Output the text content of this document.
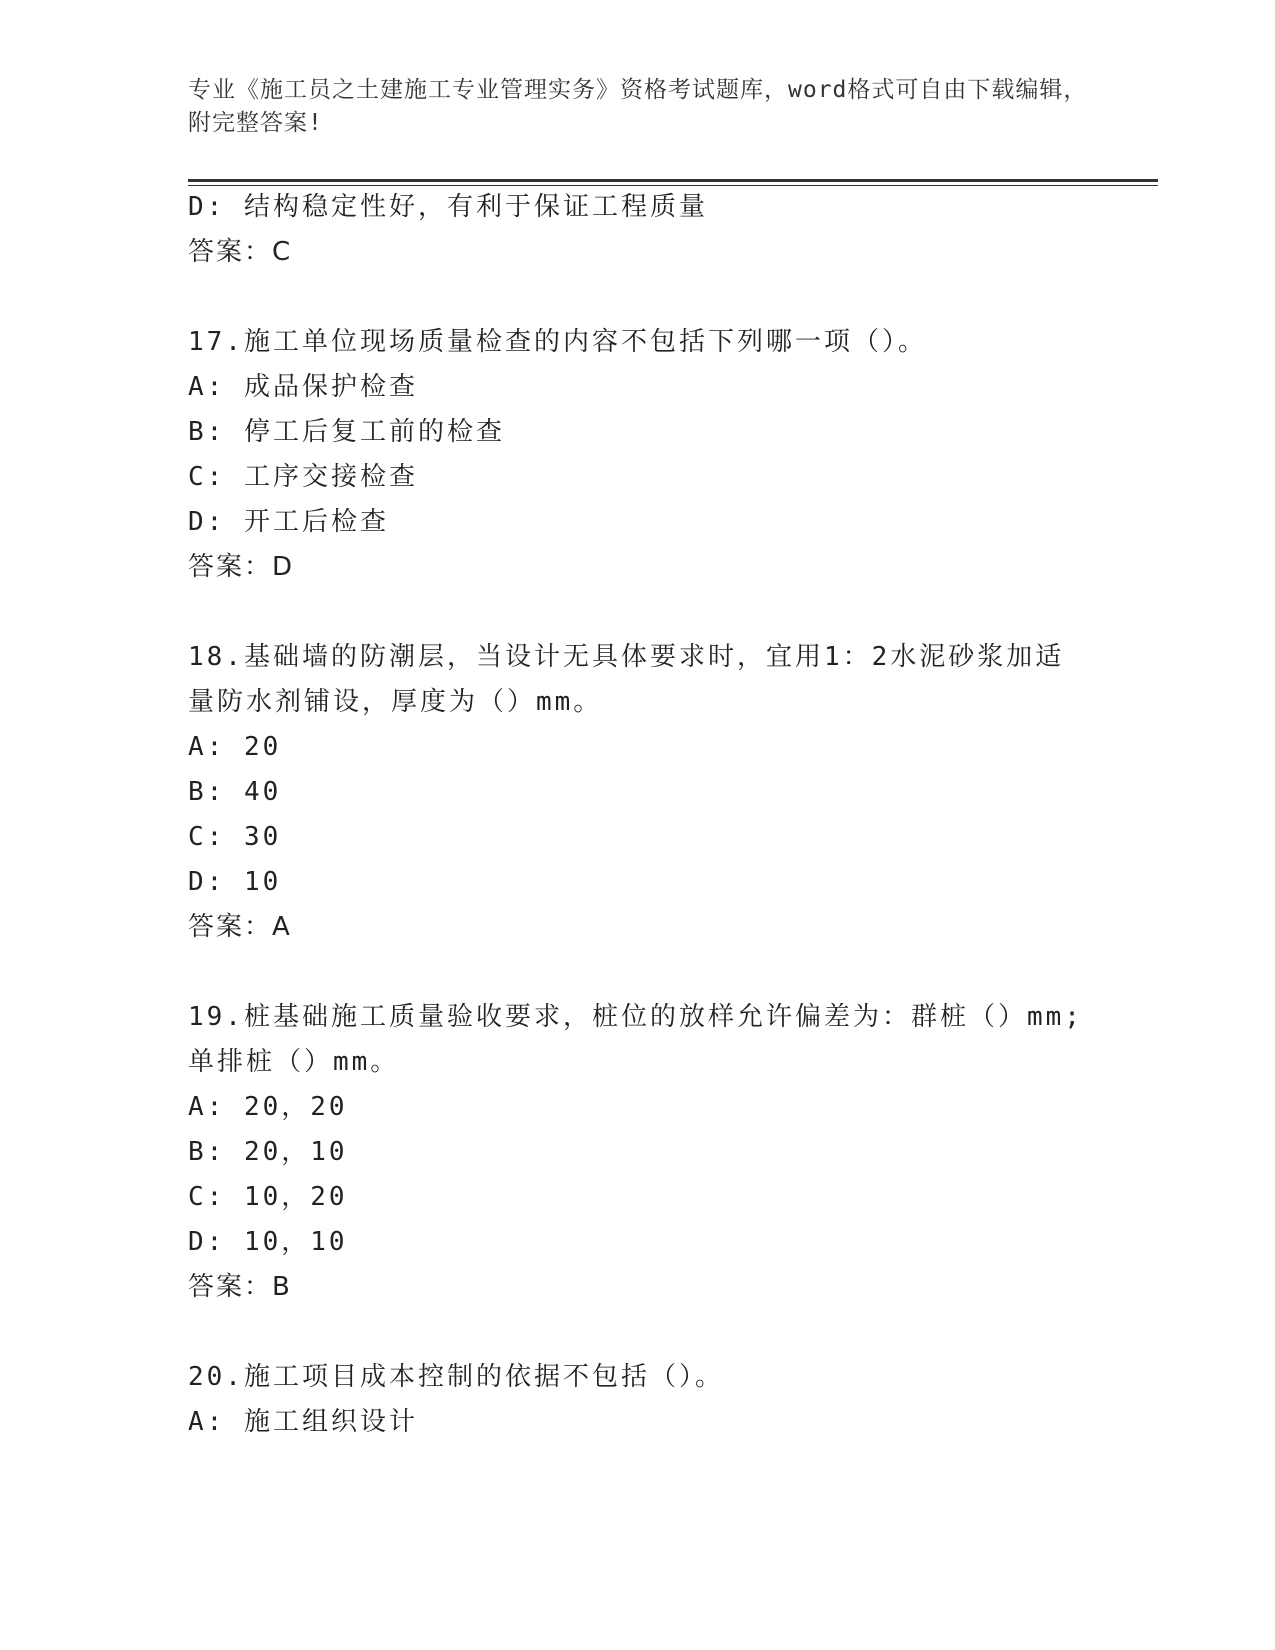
专业《施工员之土建施工专业管理实务》资格考试题库，word格式可自由下载编辑，附完整答案!
D: 结构稳定性好，有利于保证工程质量
答案：C
17.施工单位现场质量检查的内容不包括下列哪一项（）。
A: 成品保护检查
B: 停工后复工前的检查
C: 工序交接检查
D: 开工后检查
答案：D
18.基础墙的防潮层，当设计无具体要求时，宜用1：2水泥砂浆加适
量防水剂铺设，厚度为（）mm。
A: 20
B: 40
C: 30
D: 10
答案：A
19.桩基础施工质量验收要求，桩位的放样允许偏差为：群桩（）mm;
单排桩（）mm。
A: 20，20
B: 20，10
C: 10，20
D: 10，10
答案：B
20.施工项目成本控制的依据不包括（）。
A: 施工组织设计
